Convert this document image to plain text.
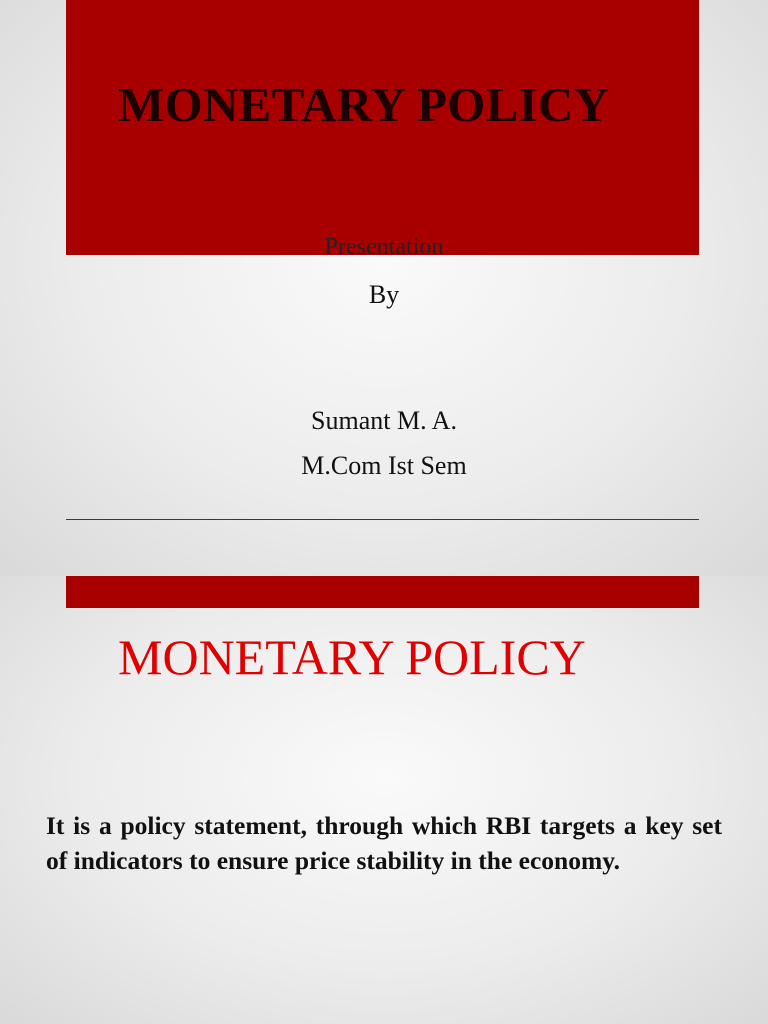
MONETARY POLICY
Presentation
By
Sumant M. A.
M.Com Ist Sem
MONETARY POLICY

It is a policy statement, through which RBI targets a key set of indicators to ensure price stability in the economy.
